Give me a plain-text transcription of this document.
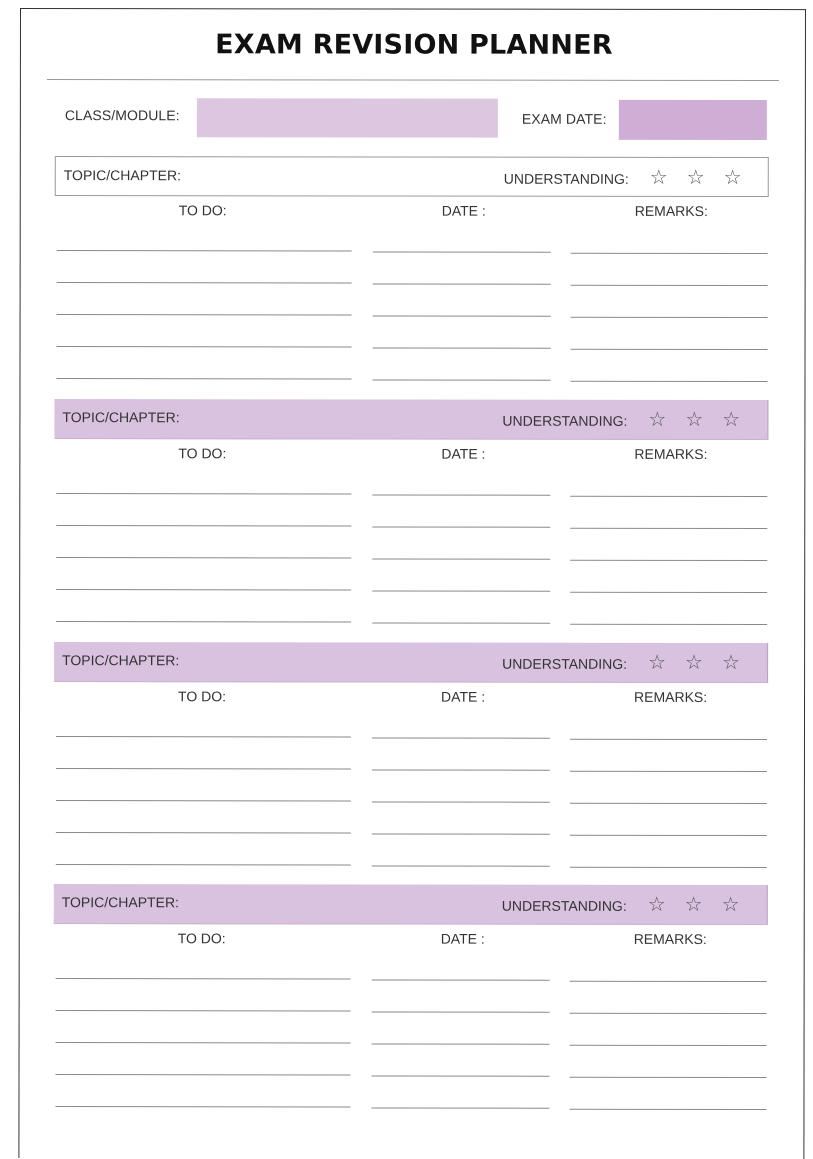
EXAM REVISION PLANNER
CLASS/MODULE:	EXAM DATE:
TOPIC/CHAPTER:	UNDERSTANDING: ☆ ☆ ☆
TO DO:	DATE :	REMARKS:
TOPIC/CHAPTER:	UNDERSTANDING: ☆ ☆ ☆
TO DO:	DATE :	REMARKS:
TOPIC/CHAPTER:	UNDERSTANDING: ☆ ☆ ☆
TO DO:	DATE :	REMARKS:
TOPIC/CHAPTER:	UNDERSTANDING: ☆ ☆ ☆
TO DO:	DATE :	REMARKS:
